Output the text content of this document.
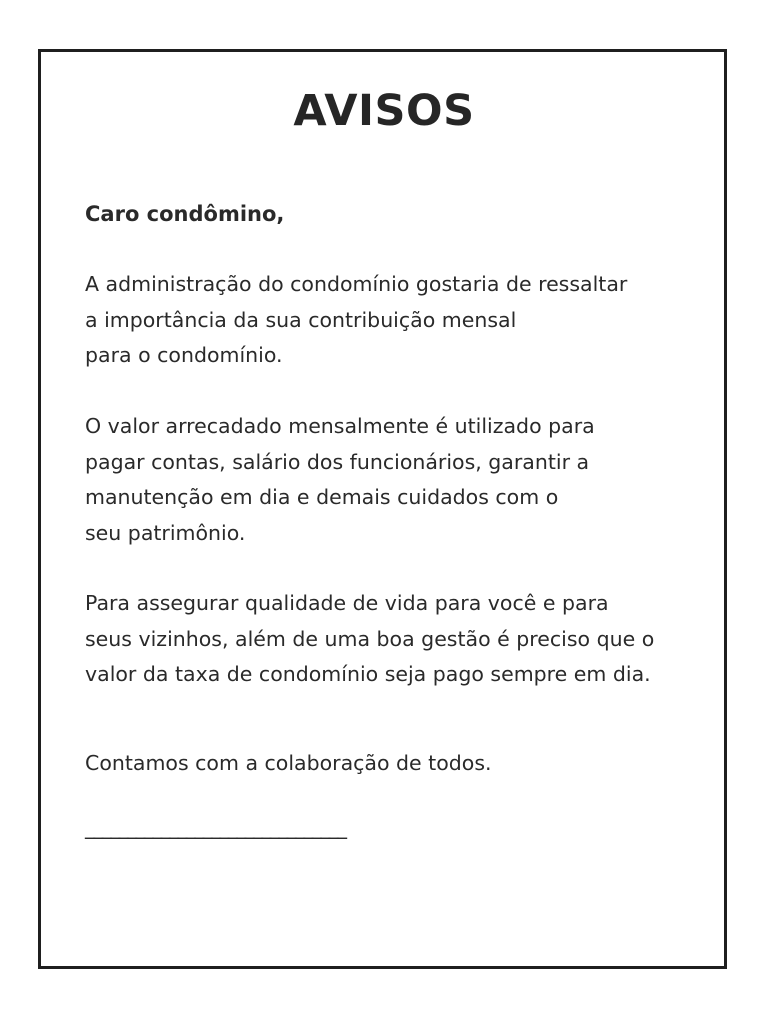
AVISOS
Caro condômino,
A administração do condomínio gostaria de ressaltar
a importância da sua contribuição mensal
para o condomínio.
O valor arrecadado mensalmente é utilizado para
pagar contas, salário dos funcionários, garantir a
manutenção em dia e demais cuidados com o
seu patrimônio.
Para assegurar qualidade de vida para você e para
seus vizinhos, além de uma boa gestão é preciso que o
valor da taxa de condomínio seja pago sempre em dia.
Contamos com a colaboração de todos.
_______________________________
